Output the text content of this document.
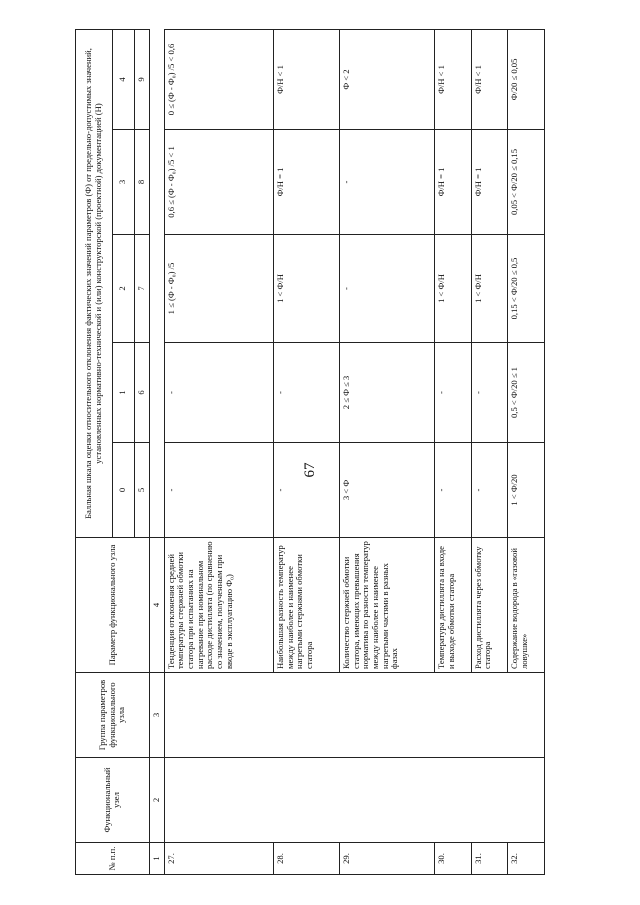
67
№ п.п.	Функциональный узел	Группа параметров функционального узла	Параметр функционального узла	Балльная шкала оценки относительного отклонения фактических значений параметров (Ф) от предельно-допустимых значений, установленных нормативно-технической и (или) конструкторской (проектной) документацией (Н)				
				0	1	2	3	4
				5	6	7	8	9
1	2	3	4					
27.			Тенденция отклонения средней температуры стержней обмотки статора при испытаниях на нагревание при номинальном расходе дистиллята (по сравнению со значением, полученным при вводе в эксплуатацию Ф₀)	-	-	1 ≤ (Ф - Ф₀) /5	0,6 ≤ (Ф - Ф₀) /5 < 1	0 ≤ (Ф - Ф₀) /5 < 0,6
28.			Наибольшая разность температур между наиболее и наименее нагретыми стержнями обмотки статора	-	-	1 < Ф/Н	Ф/Н = 1	Ф/Н < 1
29.			Количество стержней обмотки статора, имеющих превышения норматива по разности температур между наиболее и наименее нагретыми частями в разных фазах	3 < Ф	2 ≤ Ф ≤ 3	-	-	Ф < 2
30.			Температура дистиллята на входе и выходе обмотки статора	-	-	1 < Ф/Н	Ф/Н = 1	Ф/Н < 1
31.			Расход дистиллята через обмотку статора	-	-	1 < Ф/Н	Ф/Н = 1	Ф/Н < 1
32.			Содержание водорода в «газовой ловушке»	1 < Ф/20	0,5 < Ф/20 ≤ 1	0,15 < Ф/20 ≤ 0,5	0,05 < Ф/20 ≤ 0,15	Ф/20 ≤ 0,05
